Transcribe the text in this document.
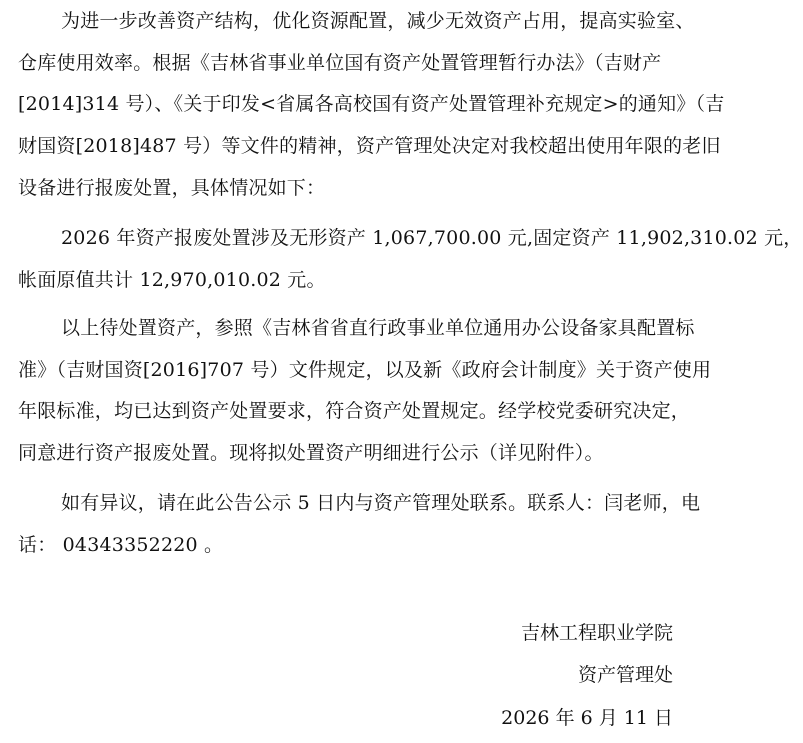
为进一步改善资产结构，优化资源配置，减少无效资产占用，提高实验室、
仓库使用效率。根据《吉林省事业单位国有资产处置管理暂行办法》（吉财产
[2014]314 号）、《关于印发<省属各高校国有资产处置管理补充规定>的通知》（吉
财国资[2018]487 号）等文件的精神，资产管理处决定对我校超出使用年限的老旧
设备进行报废处置，具体情况如下：
2026 年资产报废处置涉及无形资产 1,067,700.00 元,固定资产 11,902,310.02 元，
帐面原值共计 12,970,010.02 元。
以上待处置资产，参照《吉林省省直行政事业单位通用办公设备家具配置标
准》（吉财国资[2016]707 号）文件规定，以及新《政府会计制度》关于资产使用
年限标准，均已达到资产处置要求，符合资产处置规定。经学校党委研究决定，
同意进行资产报废处置。现将拟处置资产明细进行公示（详见附件）。
如有异议，请在此公告公示 5 日内与资产管理处联系。联系人：闫老师，电
话： 04343352220 。
吉林工程职业学院
资产管理处
2026 年 6 月 11 日
